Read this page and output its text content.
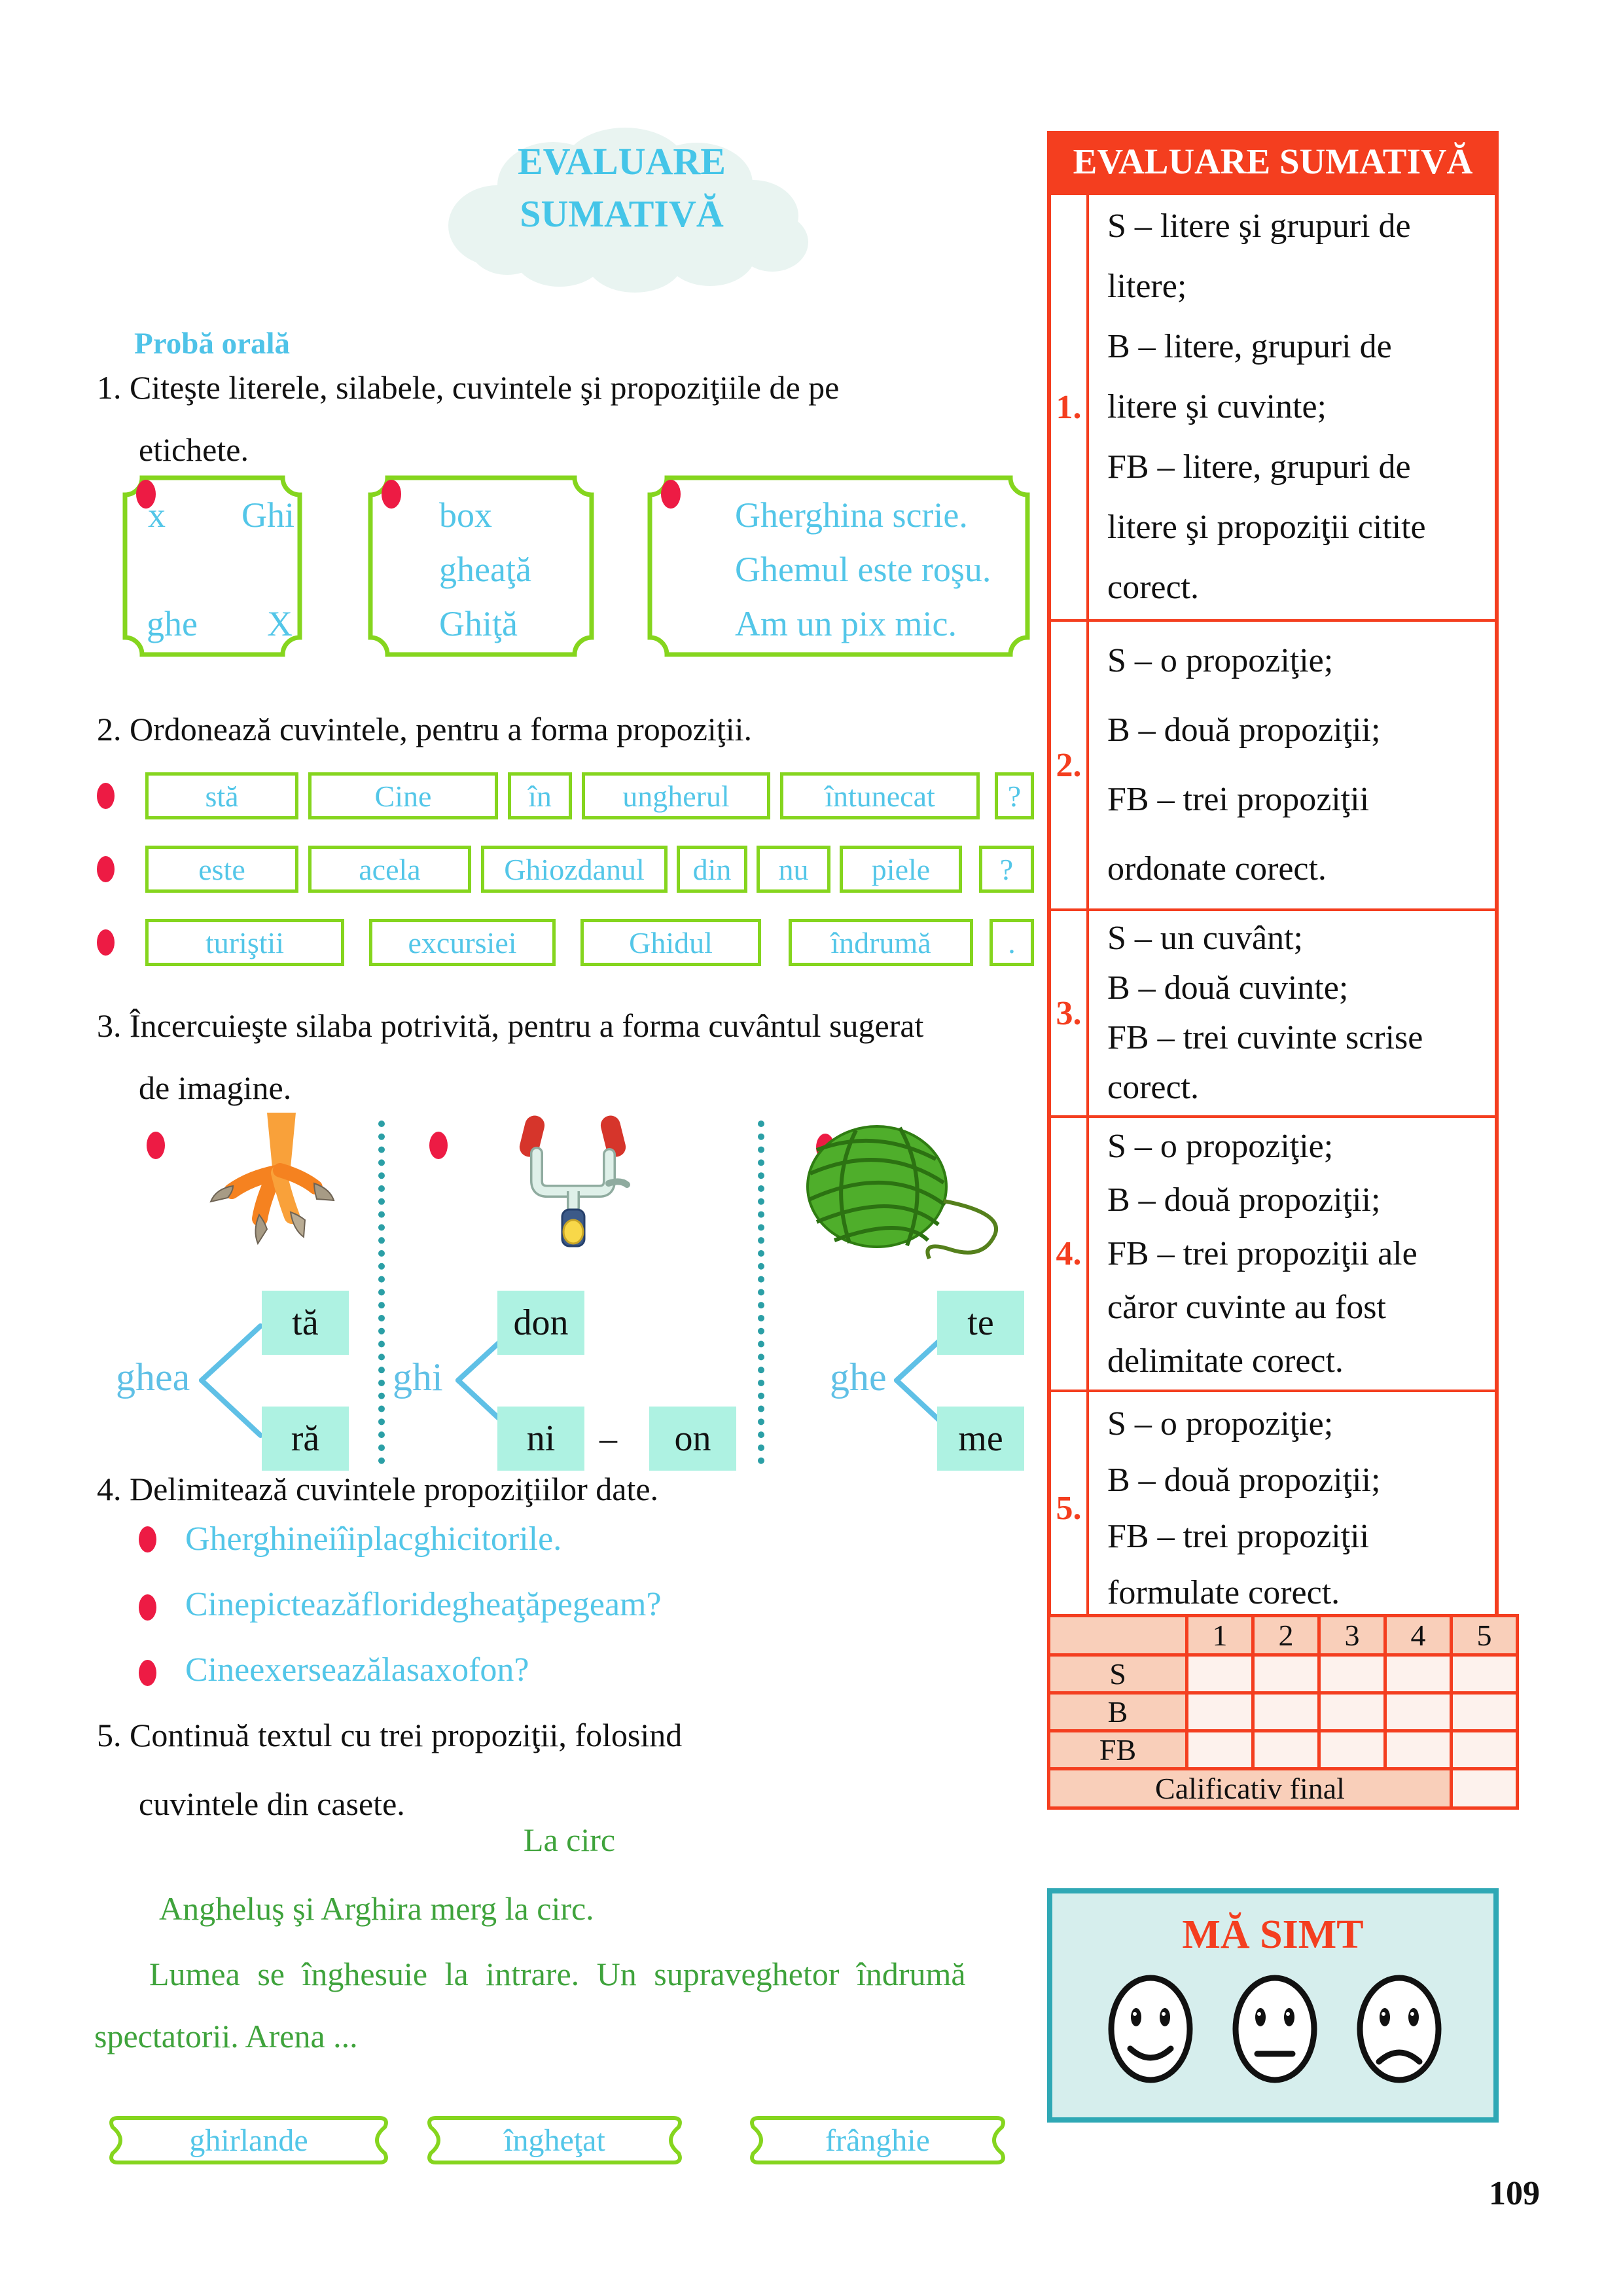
EVALUARE
SUMATIVĂ
Probă orală
1. Citeşte literele, silabele, cuvintele şi propoziţiile de pe
etichete.
x Ghi
ghe X
box
gheaţă
Ghiţă
Gherghina scrie.
Ghemul este roşu.
Am un pix mic.
2. Ordonează cuvintele, pentru a forma propoziţii.
stă	Cine	în	ungherul	întunecat	?
este	acela	Ghiozdanul	din	nu	piele	?
turiştii	excursiei	Ghidul	îndrumă	.
3. Încercuieşte silaba potrivită, pentru a forma cuvântul sugerat
de imagine.
ghea
tă
ră
ghi
don
ni	–	on
ghe
te
me
4. Delimitează cuvintele propoziţiilor date.
Gherghineiîiplacghicitorile.
Cinepicteazăfloridegheaţăpegeam?
Cineexerseazălasaxofon?
5. Continuă textul cu trei propoziţii, folosind
cuvintele din casete.
La circ
Angheluş şi Arghira merg la circ.
Lumea se înghesuie la intrare. Un supraveghetor îndrumă
spectatorii. Arena ...
ghirlande	îngheţat	frânghie
EVALUARE SUMATIVĂ
1.
S – litere şi grupuri de
litere;
B – litere, grupuri de
litere şi cuvinte;
FB – litere, grupuri de
litere şi propoziţii citite
corect.
2.
S – o propoziţie;
B – două propoziţii;
FB – trei propoziţii
ordonate corect.
3.
S – un cuvânt;
B – două cuvinte;
FB – trei cuvinte scrise
corect.
4.
S – o propoziţie;
B – două propoziţii;
FB – trei propoziţii ale
căror cuvinte au fost
delimitate corect.
5.
S – o propoziţie;
B – două propoziţii;
FB – trei propoziţii
formulate corect.
	1	2	3	4	5
S					
B					
FB					
Calificativ final					
MĂ SIMT
109
